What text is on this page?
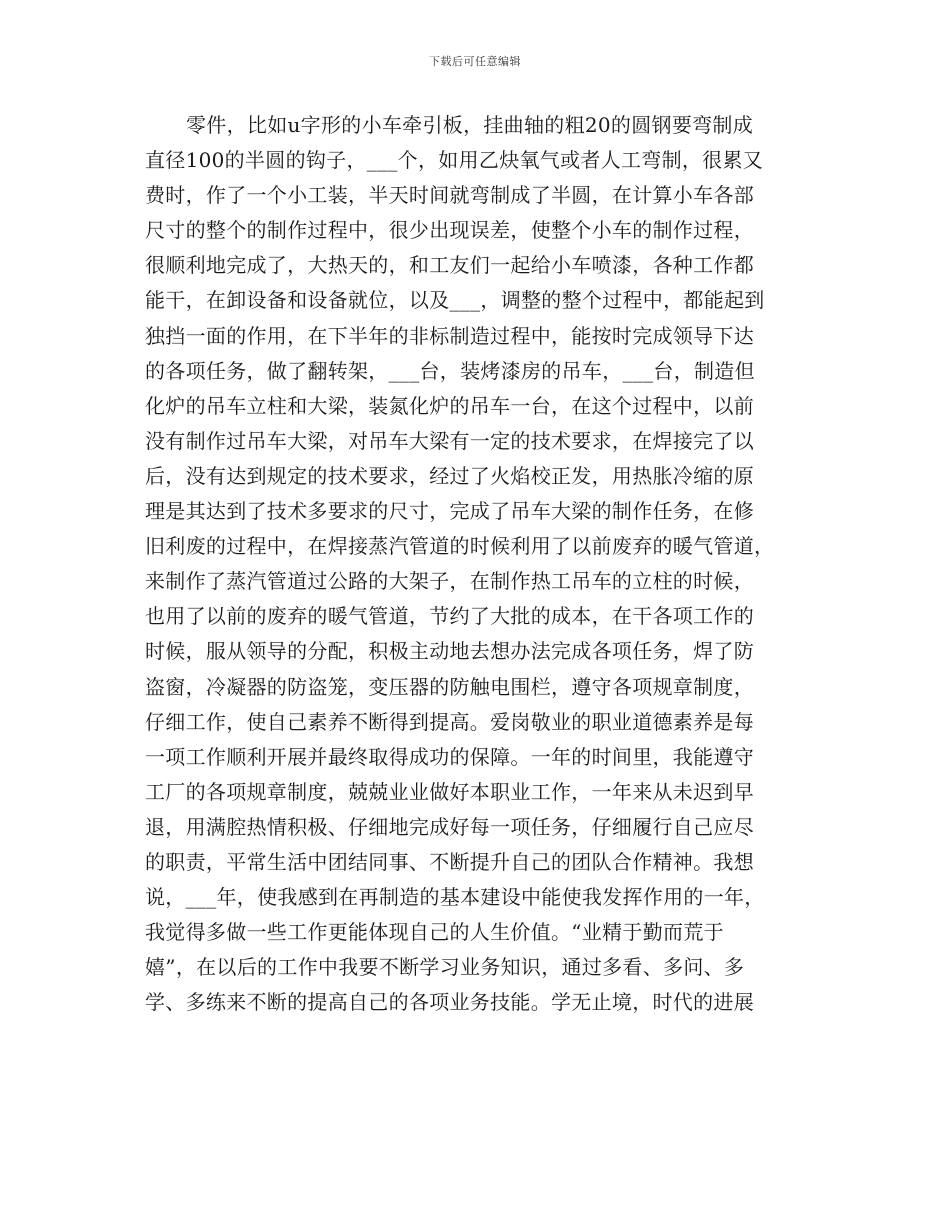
下载后可任意编辑
零件，比如u字形的小车牵引板，挂曲轴的粗20的圆钢要弯制成
直径100的半圆的钩子，___个，如用乙炔氧气或者人工弯制，很累又
费时，作了一个小工装，半天时间就弯制成了半圆，在计算小车各部
尺寸的整个的制作过程中，很少出现误差，使整个小车的制作过程，
很顺利地完成了，大热天的，和工友们一起给小车喷漆，各种工作都
能干，在卸设备和设备就位，以及___，调整的整个过程中，都能起到
独挡一面的作用，在下半年的非标制造过程中，能按时完成领导下达
的各项任务，做了翻转架，___台，装烤漆房的吊车，___台，制造但
化炉的吊车立柱和大梁，装氮化炉的吊车一台，在这个过程中，以前
没有制作过吊车大梁，对吊车大梁有一定的技术要求，在焊接完了以
后，没有达到规定的技术要求，经过了火焰校正发，用热胀冷缩的原
理是其达到了技术多要求的尺寸，完成了吊车大梁的制作任务，在修
旧利废的过程中，在焊接蒸汽管道的时候利用了以前废弃的暖气管道，
来制作了蒸汽管道过公路的大架子，在制作热工吊车的立柱的时候，
也用了以前的废弃的暖气管道，节约了大批的成本，在干各项工作的
时候，服从领导的分配，积极主动地去想办法完成各项任务，焊了防
盗窗，冷凝器的防盗笼，变压器的防触电围栏，遵守各项规章制度，
仔细工作，使自己素养不断得到提高。爱岗敬业的职业道德素养是每
一项工作顺利开展并最终取得成功的保障。一年的时间里，我能遵守
工厂的各项规章制度，兢兢业业做好本职业工作，一年来从未迟到早
退，用满腔热情积极、仔细地完成好每一项任务，仔细履行自己应尽
的职责，平常生活中团结同事、不断提升自己的团队合作精神。我想
说，___年，使我感到在再制造的基本建设中能使我发挥作用的一年，
我觉得多做一些工作更能体现自己的人生价值。“业精于勤而荒于
嬉”，在以后的工作中我要不断学习业务知识，通过多看、多问、多
学、多练来不断的提高自己的各项业务技能。学无止境，时代的进展
